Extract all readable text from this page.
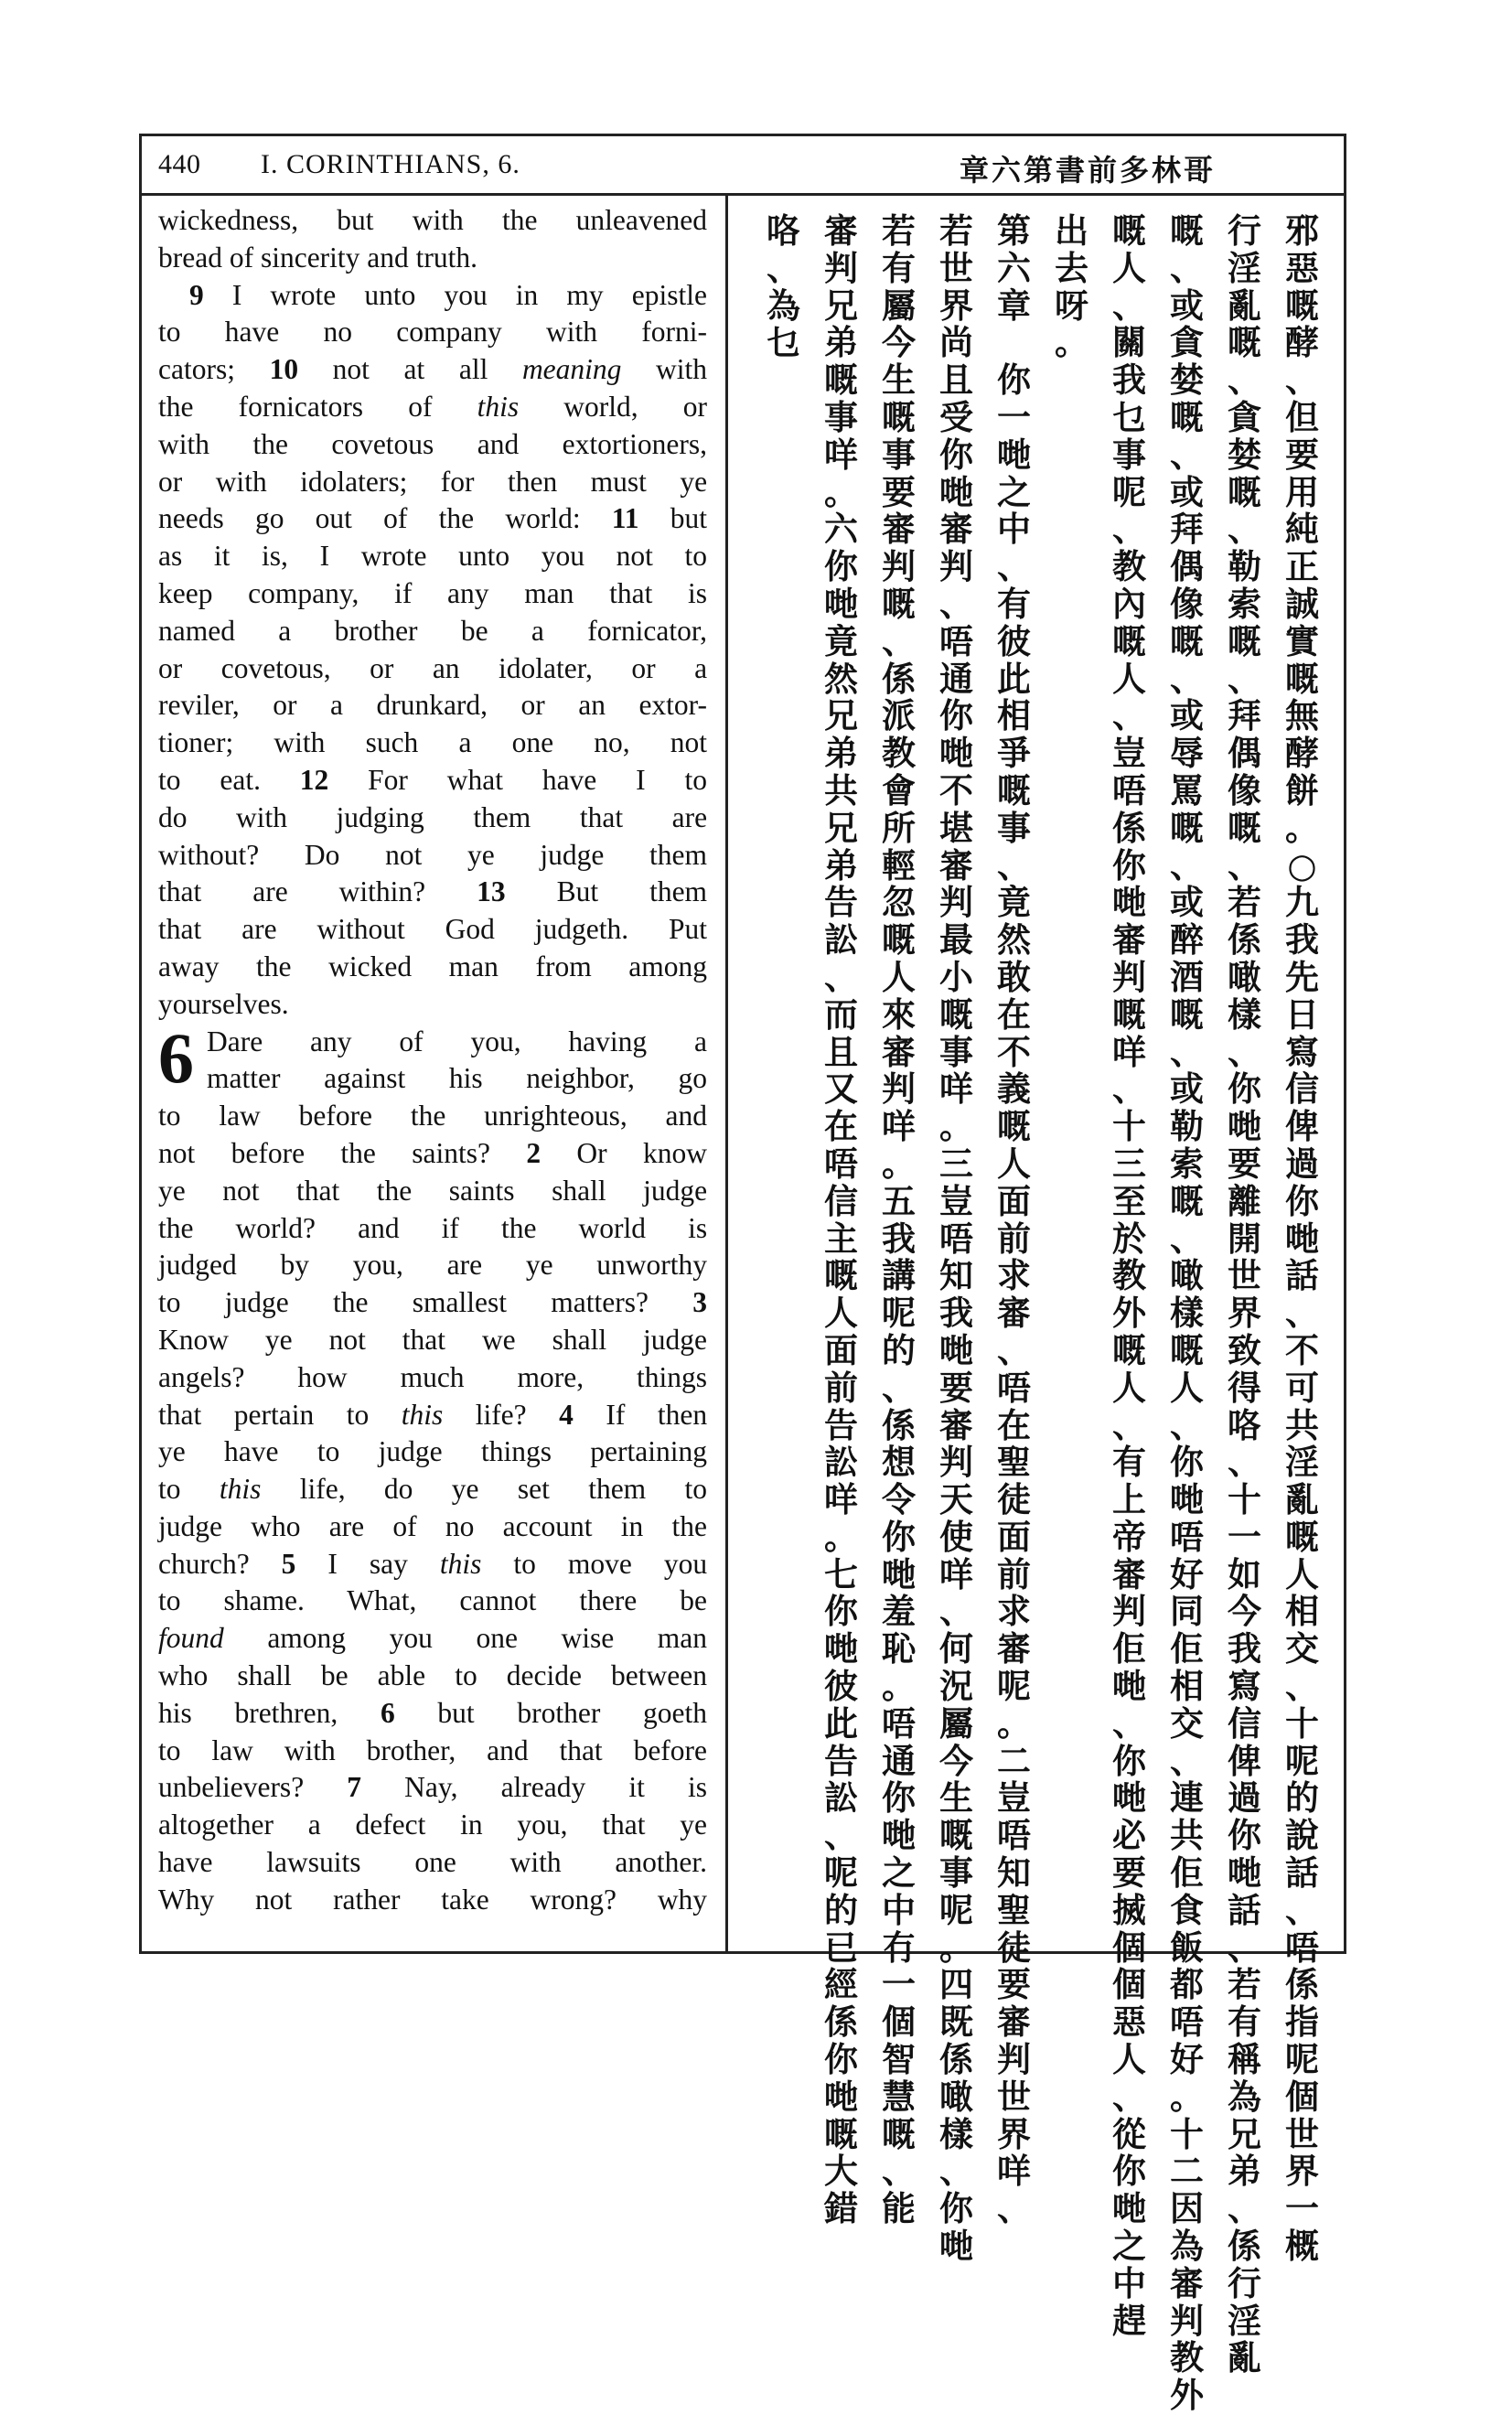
440 I. CORINTHIANS, 6.	章六第書前多林哥
wickedness, but with the unleavened
bread of sincerity and truth.
9 I wrote unto you in my epistle
to have no company with forni-
cators; 10 not at all meaning with
the fornicators of this world, or
with the covetous and extortioners,
or with idolaters; for then must ye
needs go out of the world: 11 but
as it is, I wrote unto you not to
keep company, if any man that is
named a brother be a fornicator,
or covetous, or an idolater, or a
reviler, or a drunkard, or an extor-
tioner; with such a one no, not
to eat. 12 For what have I to
do with judging them that are
without? Do not ye judge them
that are within? 13 But them
that are without God judgeth. Put
away the wicked man from among
yourselves.
6 Dare any of you, having a
matter against his neighbor, go
to law before the unrighteous, and
not before the saints? 2 Or know
ye not that the saints shall judge
the world? and if the world is
judged by you, are ye unworthy
to judge the smallest matters? 3
Know ye not that we shall judge
angels? how much more, things
that pertain to this life? 4 If then
ye have to judge things pertaining
to this life, do ye set them to
judge who are of no account in the
church? 5 I say this to move you
to shame. What, cannot there be
found among you one wise man
who shall be able to decide between
his brethren, 6 but brother goeth
to law with brother, and that before
unbelievers? 7 Nay, already it is
altogether a defect in you, that ye
have lawsuits one with another.
Why not rather take wrong? why
邪
惡
嘅
酵
、
但
要
用
純
正
誠
實
嘅
無
酵
餅
。
○
九
我
先
日
寫
信
俾
過
你
哋
話
、
不
可
共
淫
亂
嘅
人
相
交
、
十
呢
的
說
話
、
唔
係
指
呢
個
世
界
一
概
行
淫
亂
嘅
、
貪
婪
嘅
、
勒
索
嘅
、
拜
偶
像
嘅
、
若
係
噉
樣
、
你
哋
要
離
開
世
界
致
得
咯
、
十
一
如
今
我
寫
信
俾
過
你
哋
話
、
若
有
稱
為
兄
弟
、
係
行
淫
亂
嘅
、
或
貪
婪
嘅
、
或
拜
偶
像
嘅
、
或
辱
罵
嘅
、
或
醉
酒
嘅
、
或
勒
索
嘅
、
噉
樣
嘅
人
、
你
哋
唔
好
同
佢
相
交
、
連
共
佢
食
飯
都
唔
好
。
十
二
因
為
審
判
教
外
嘅
人
、
關
我
乜
事
呢
、
教
內
嘅
人
、
豈
唔
係
你
哋
審
判
嘅
咩
、
十
三
至
於
教
外
嘅
人
、
有
上
帝
審
判
佢
哋
、
你
哋
必
要
搣
個
個
惡
人
、
從
你
哋
之
中
趕
出
去
呀
。
第
六
章

你
一
哋
之
中
、
有
彼
此
相
爭
嘅
事
、
竟
然
敢
在
不
義
嘅
人
面
前
求
審
、
唔
在
聖
徒
面
前
求
審
呢
。
二
豈
唔
知
聖
徒
要
審
判
世
界
咩
、
若
世
界
尚
且
受
你
哋
審
判
、
唔
通
你
哋
不
堪
審
判
最
小
嘅
事
咩
。
三
豈
唔
知
我
哋
要
審
判
天
使
咩
、
何
況
屬
今
生
嘅
事
呢
。
四
既
係
噉
樣
、
你
哋
若
有
屬
今
生
嘅
事
要
審
判
嘅
、
係
派
教
會
所
輕
忽
嘅
人
來
審
判
咩
。
五
我
講
呢
的
、
係
想
令
你
哋
羞
恥
。
唔
通
你
哋
之
中
冇
一
個
智
慧
嘅
、
能
審
判
兄
弟
嘅
事
咩
。
六
你
哋
竟
然
兄
弟
共
兄
弟
告
訟
、
而
且
又
在
唔
信
主
嘅
人
面
前
告
訟
咩
。
七
你
哋
彼
此
告
訟
、
呢
的
已
經
係
你
哋
嘅
大
錯
咯
、
為
乜
